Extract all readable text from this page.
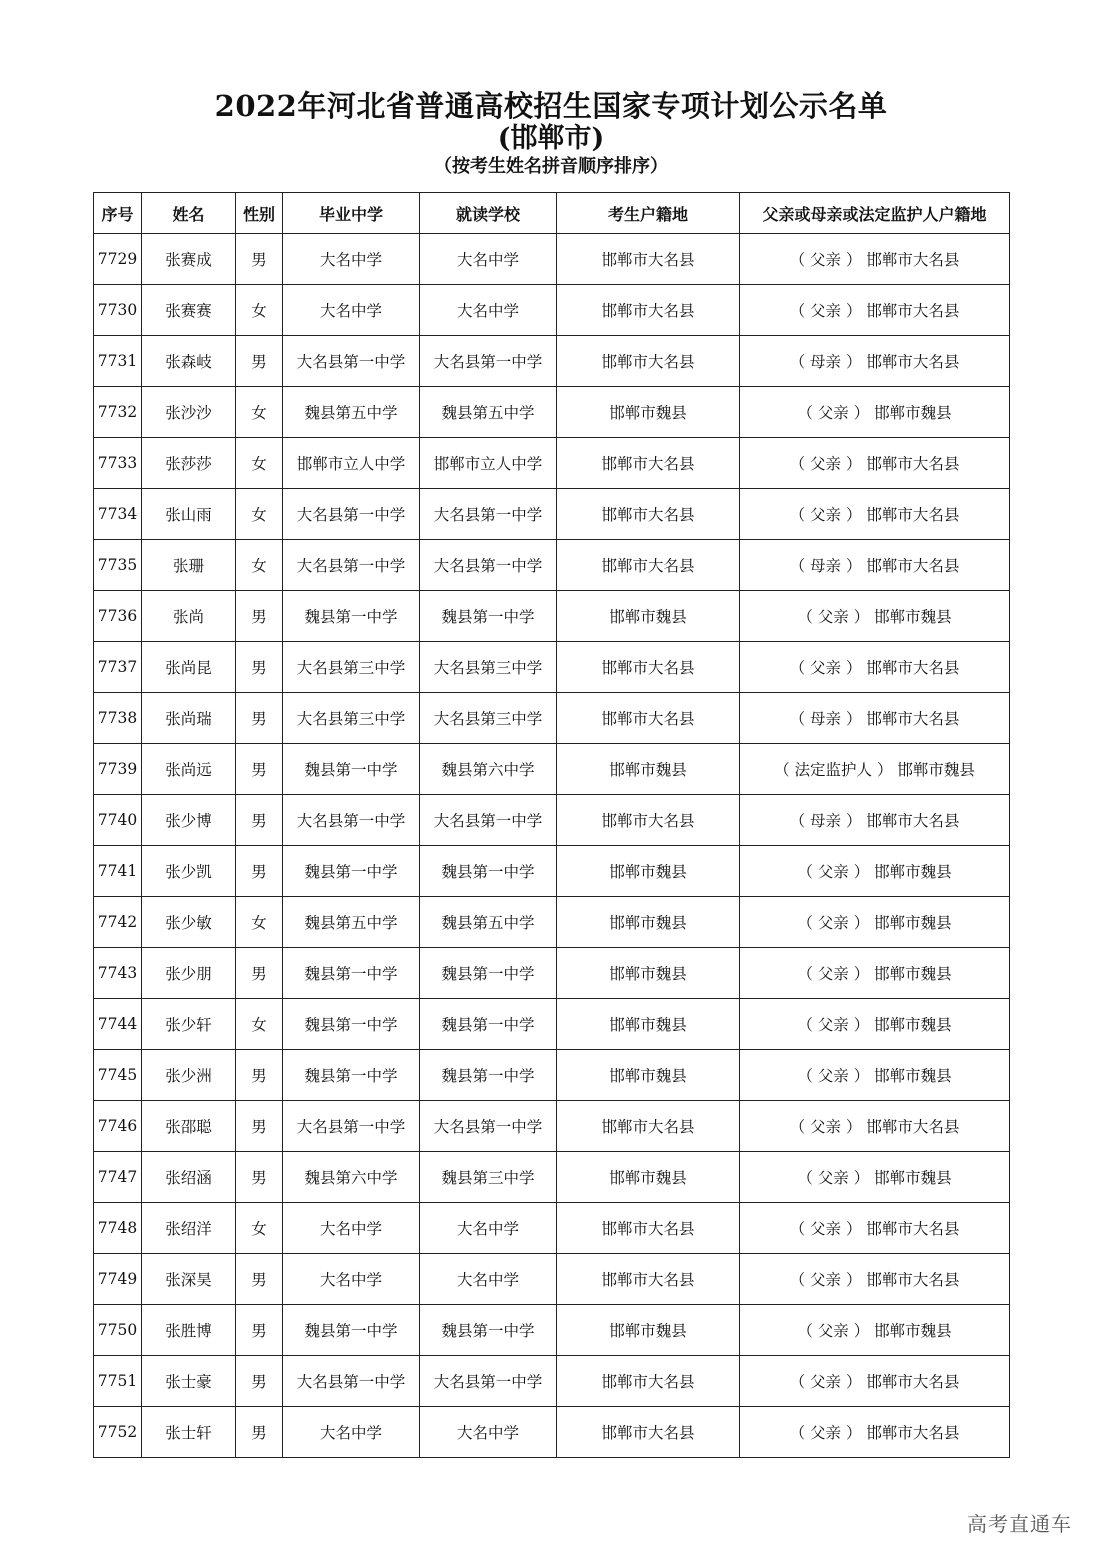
2022年河北省普通高校招生国家专项计划公示名单
(邯郸市)
（按考生姓名拼音顺序排序）
序号	姓名	性别	毕业中学	就读学校	考生户籍地	父亲或母亲或法定监护人户籍地
7729	张赛成	男	大名中学	大名中学	邯郸市大名县	（ 父亲 ） 邯郸市大名县
7730	张赛赛	女	大名中学	大名中学	邯郸市大名县	（ 父亲 ） 邯郸市大名县
7731	张森岐	男	大名县第一中学	大名县第一中学	邯郸市大名县	（ 母亲 ） 邯郸市大名县
7732	张沙沙	女	魏县第五中学	魏县第五中学	邯郸市魏县	（ 父亲 ） 邯郸市魏县
7733	张莎莎	女	邯郸市立人中学	邯郸市立人中学	邯郸市大名县	（ 父亲 ） 邯郸市大名县
7734	张山雨	女	大名县第一中学	大名县第一中学	邯郸市大名县	（ 父亲 ） 邯郸市大名县
7735	张珊	女	大名县第一中学	大名县第一中学	邯郸市大名县	（ 母亲 ） 邯郸市大名县
7736	张尚	男	魏县第一中学	魏县第一中学	邯郸市魏县	（ 父亲 ） 邯郸市魏县
7737	张尚昆	男	大名县第三中学	大名县第三中学	邯郸市大名县	（ 父亲 ） 邯郸市大名县
7738	张尚瑞	男	大名县第三中学	大名县第三中学	邯郸市大名县	（ 母亲 ） 邯郸市大名县
7739	张尚远	男	魏县第一中学	魏县第六中学	邯郸市魏县	（ 法定监护人 ） 邯郸市魏县
7740	张少博	男	大名县第一中学	大名县第一中学	邯郸市大名县	（ 母亲 ） 邯郸市大名县
7741	张少凯	男	魏县第一中学	魏县第一中学	邯郸市魏县	（ 父亲 ） 邯郸市魏县
7742	张少敏	女	魏县第五中学	魏县第五中学	邯郸市魏县	（ 父亲 ） 邯郸市魏县
7743	张少朋	男	魏县第一中学	魏县第一中学	邯郸市魏县	（ 父亲 ） 邯郸市魏县
7744	张少轩	女	魏县第一中学	魏县第一中学	邯郸市魏县	（ 父亲 ） 邯郸市魏县
7745	张少洲	男	魏县第一中学	魏县第一中学	邯郸市魏县	（ 父亲 ） 邯郸市魏县
7746	张邵聪	男	大名县第一中学	大名县第一中学	邯郸市大名县	（ 父亲 ） 邯郸市大名县
7747	张绍涵	男	魏县第六中学	魏县第三中学	邯郸市魏县	（ 父亲 ） 邯郸市魏县
7748	张绍洋	女	大名中学	大名中学	邯郸市大名县	（ 父亲 ） 邯郸市大名县
7749	张深昊	男	大名中学	大名中学	邯郸市大名县	（ 父亲 ） 邯郸市大名县
7750	张胜博	男	魏县第一中学	魏县第一中学	邯郸市魏县	（ 父亲 ） 邯郸市魏县
7751	张士豪	男	大名县第一中学	大名县第一中学	邯郸市大名县	（ 父亲 ） 邯郸市大名县
7752	张士轩	男	大名中学	大名中学	邯郸市大名县	（ 父亲 ） 邯郸市大名县
高考直通车
